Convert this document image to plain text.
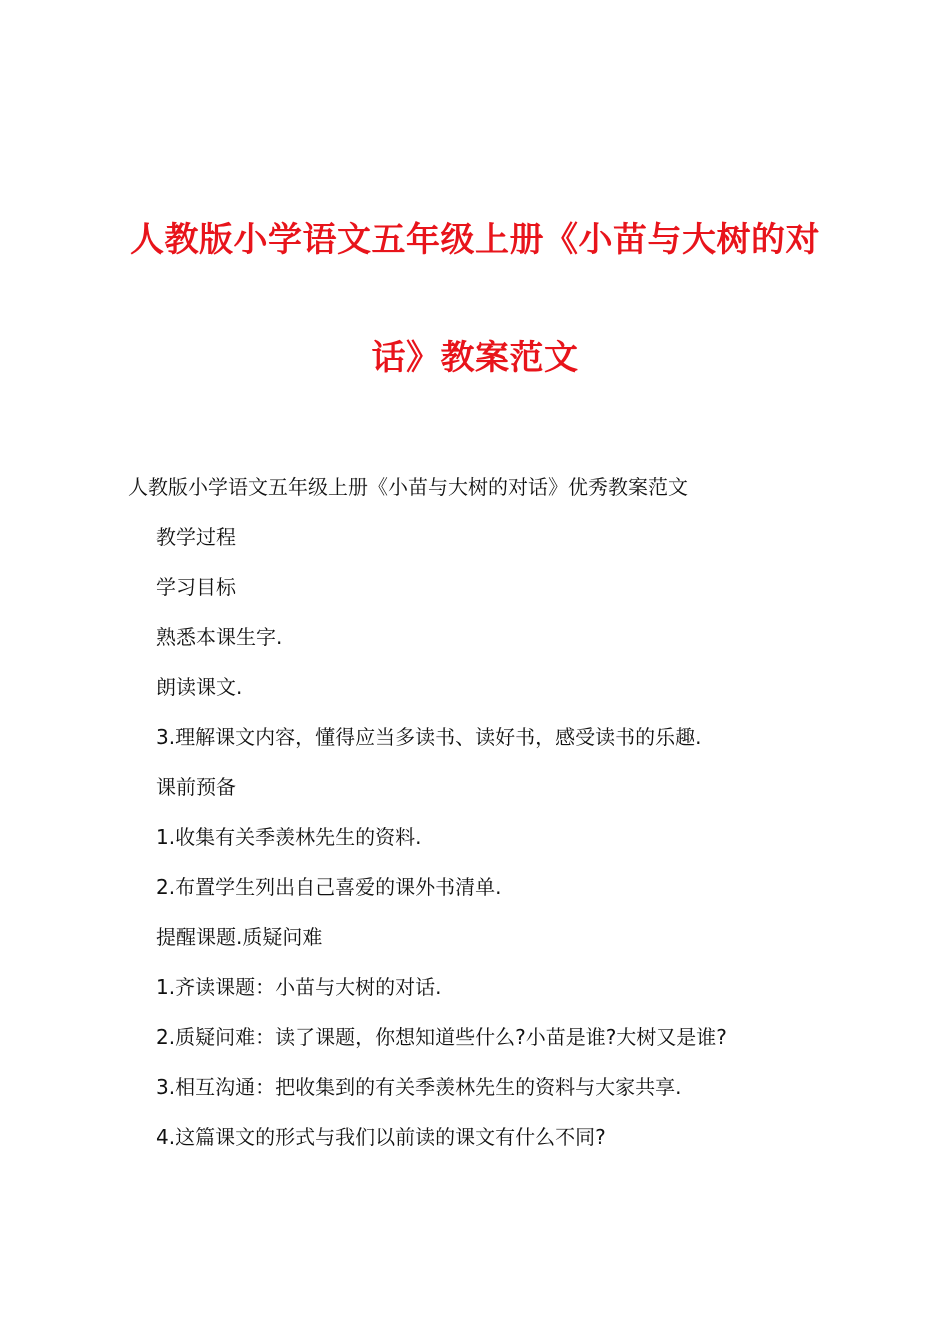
人教版小学语文五年级上册《小苗与大树的对
话》教案范文
人教版小学语文五年级上册《小苗与大树的对话》优秀教案范文
教学过程
学习目标
熟悉本课生字.
朗读课文.
3.理解课文内容，懂得应当多读书、读好书，感受读书的乐趣.
课前预备
1.收集有关季羡林先生的资料.
2.布置学生列出自己喜爱的课外书清单.
提醒课题.质疑问难
1.齐读课题：小苗与大树的对话.
2.质疑问难：读了课题，你想知道些什么?小苗是谁?大树又是谁?
3.相互沟通：把收集到的有关季羡林先生的资料与大家共享.
4.这篇课文的形式与我们以前读的课文有什么不同?
